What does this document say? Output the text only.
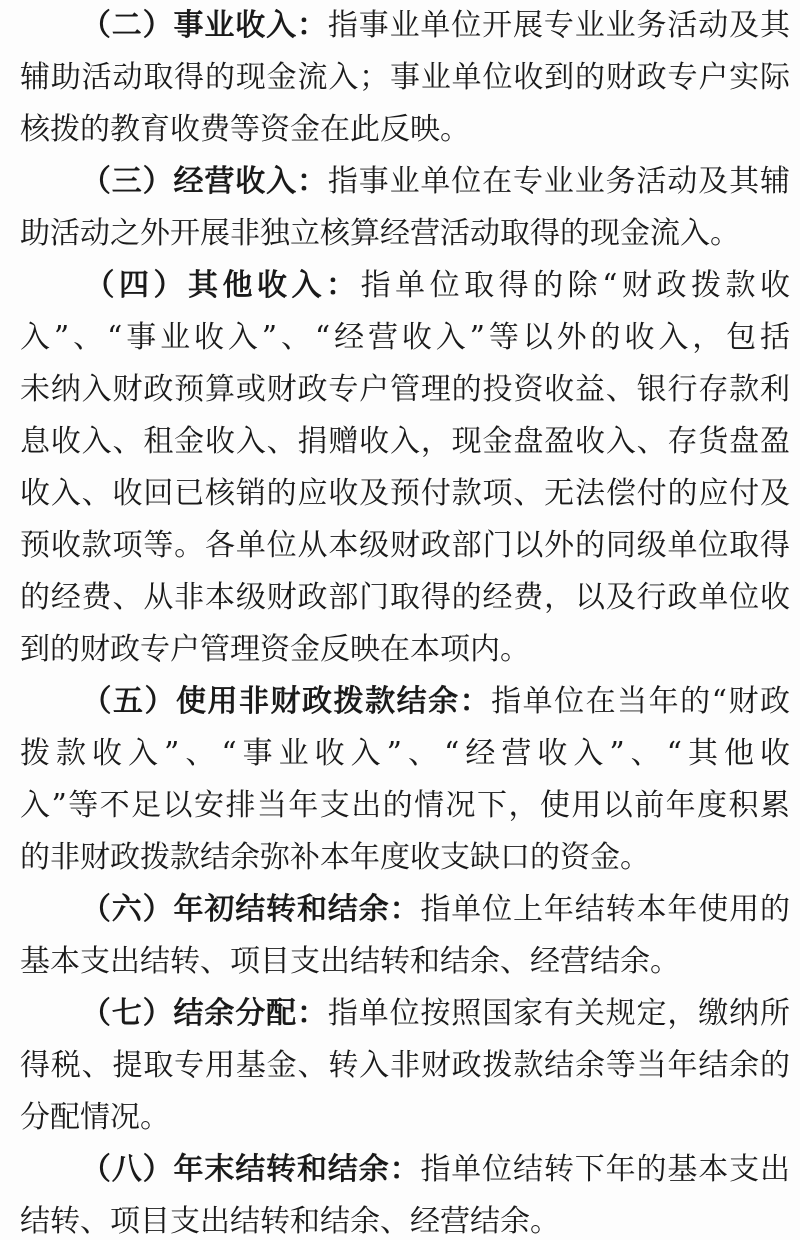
（二）事业收入：指事业单位开展专业业务活动及其
辅助活动取得的现金流入；事业单位收到的财政专户实际
核拨的教育收费等资金在此反映。
（三）经营收入：指事业单位在专业业务活动及其辅
助活动之外开展非独立核算经营活动取得的现金流入。
（四）其他收入：指单位取得的除“财政拨款收
入”、“事业收入”、“经营收入”等以外的收入，包括
未纳入财政预算或财政专户管理的投资收益、银行存款利
息收入、租金收入、捐赠收入，现金盘盈收入、存货盘盈
收入、收回已核销的应收及预付款项、无法偿付的应付及
预收款项等。各单位从本级财政部门以外的同级单位取得
的经费、从非本级财政部门取得的经费，以及行政单位收
到的财政专户管理资金反映在本项内。
（五）使用非财政拨款结余：指单位在当年的“财政
拨款收入”、“事业收入”、“经营收入”、“其他收
入”等不足以安排当年支出的情况下，使用以前年度积累
的非财政拨款结余弥补本年度收支缺口的资金。
（六）年初结转和结余：指单位上年结转本年使用的
基本支出结转、项目支出结转和结余、经营结余。
（七）结余分配：指单位按照国家有关规定，缴纳所
得税、提取专用基金、转入非财政拨款结余等当年结余的
分配情况。
（八）年末结转和结余：指单位结转下年的基本支出
结转、项目支出结转和结余、经营结余。
